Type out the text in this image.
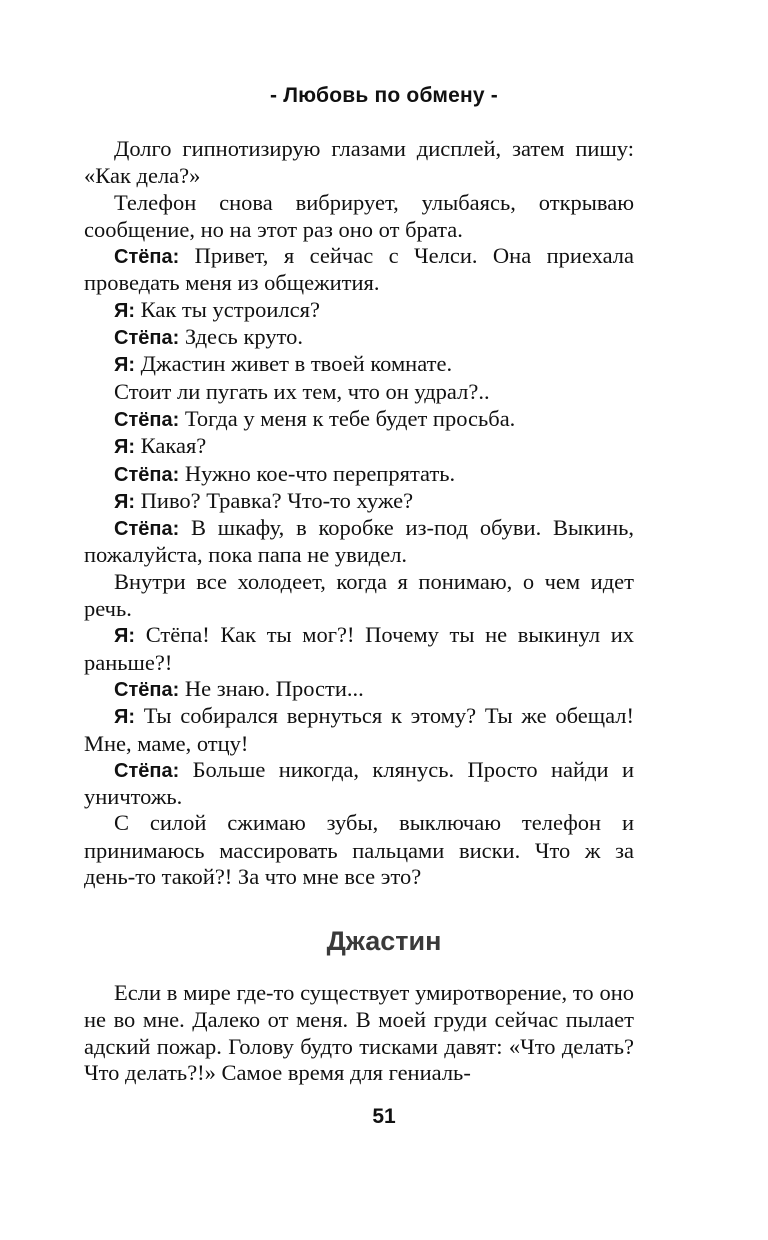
- Любовь по обмену -

Долго гипнотизирую глазами дисплей, затем пишу: «Как дела?»

Телефон снова вибрирует, улыбаясь, открываю сообщение, но на этот раз оно от брата.

Стёпа: Привет, я сейчас с Челси. Она приехала проведать меня из общежития.

Я: Как ты устроился?

Стёпа: Здесь круто.

Я: Джастин живет в твоей комнате.

Стоит ли пугать их тем, что он удрал?..

Стёпа: Тогда у меня к тебе будет просьба.

Я: Какая?

Стёпа: Нужно кое-что перепрятать.

Я: Пиво? Травка? Что-то хуже?

Стёпа: В шкафу, в коробке из-под обуви. Выкинь, пожалуйста, пока папа не увидел.

Внутри все холодеет, когда я понимаю, о чем идет речь.

Я: Стёпа! Как ты мог?! Почему ты не выкинул их раньше?!

Стёпа: Не знаю. Прости...

Я: Ты собирался вернуться к этому? Ты же обещал! Мне, маме, отцу!

Стёпа: Больше никогда, клянусь. Просто найди и уничтожь.

С силой сжимаю зубы, выключаю телефон и принимаюсь массировать пальцами виски. Что ж за день-то такой?! За что мне все это?

Джастин

Если в мире где-то существует умиротворение, то оно не во мне. Далеко от меня. В моей груди сейчас пылает адский пожар. Голову будто тисками давят: «Что делать? Что делать?!» Самое время для гениаль-

51
